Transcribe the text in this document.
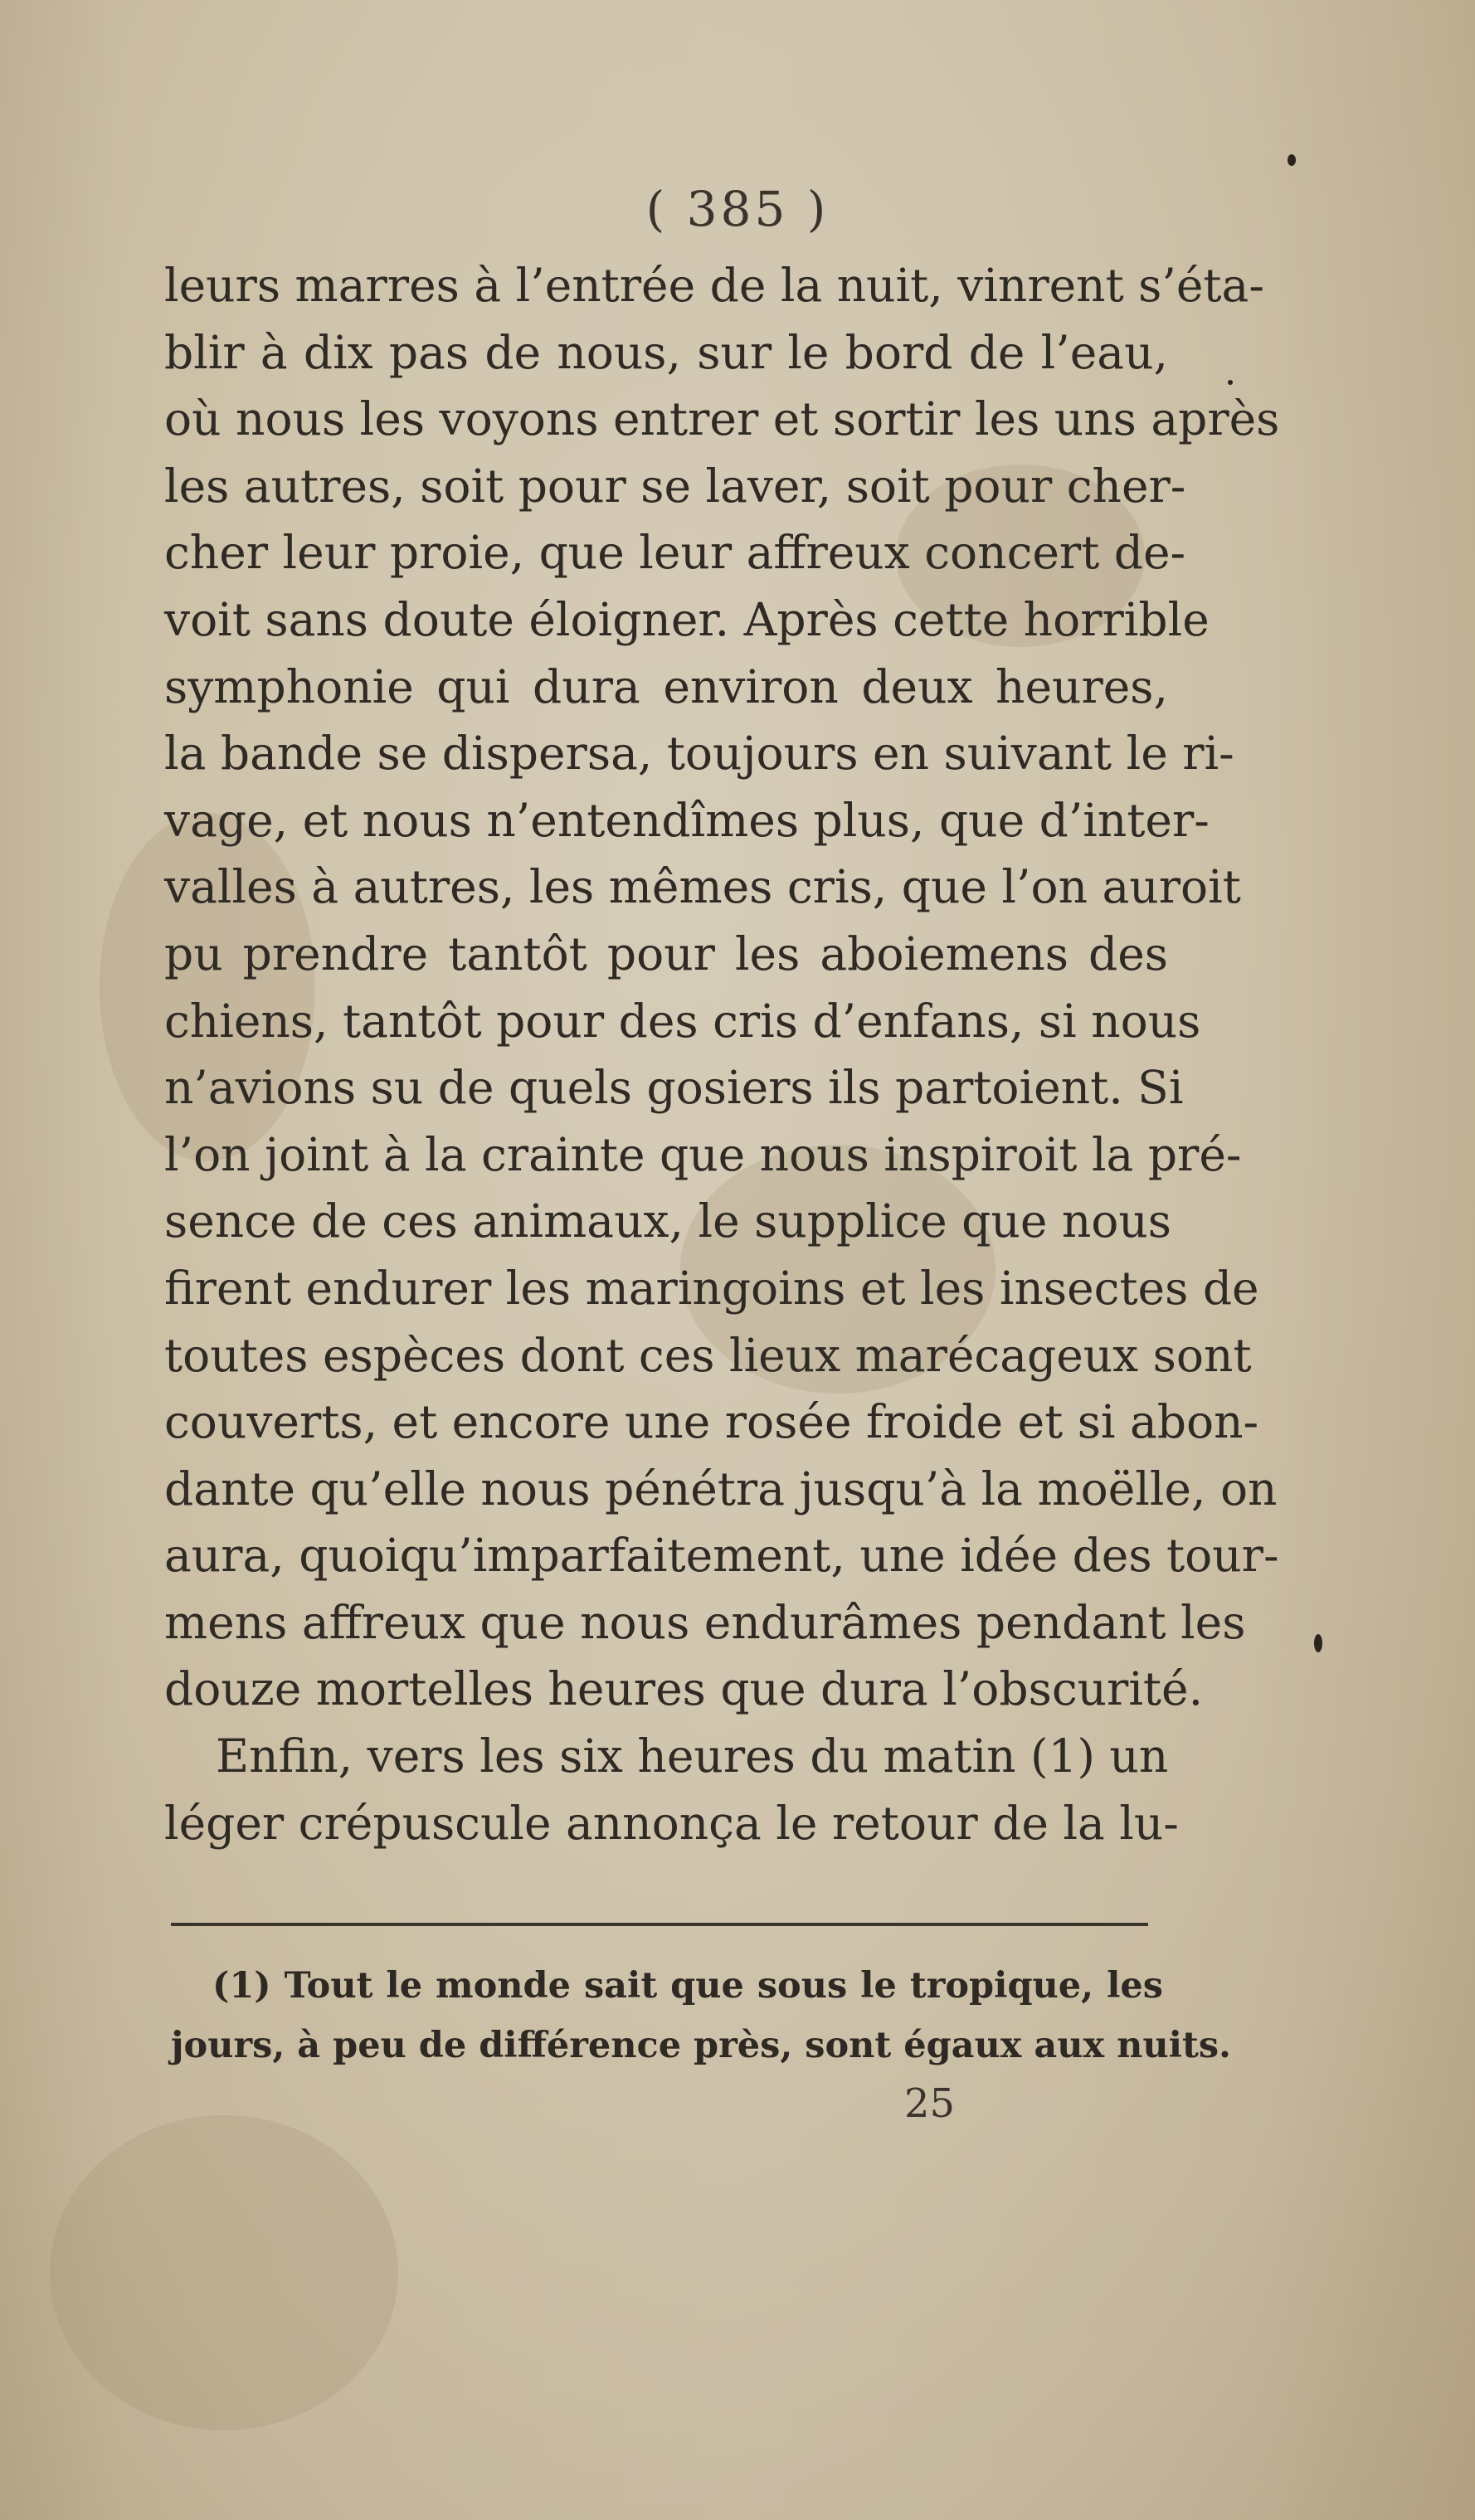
( 385 )
leurs marres à l’entrée de la nuit, vinrent s’éta-
blir à dix pas de nous, sur le bord de l’eau,
où nous les voyons entrer et sortir les uns après
les autres, soit pour se laver, soit pour cher-
cher leur proie, que leur affreux concert de-
voit sans doute éloigner. Après cette horrible
symphonie qui dura environ deux heures,
la bande se dispersa, toujours en suivant le ri-
vage, et nous n’entendîmes plus, que d’inter-
valles à autres, les mêmes cris, que l’on auroit
pu prendre tantôt pour les aboiemens des
chiens, tantôt pour des cris d’enfans, si nous
n’avions su de quels gosiers ils partoient. Si
l’on joint à la crainte que nous inspiroit la pré-
sence de ces animaux, le supplice que nous
firent endurer les maringoins et les insectes de
toutes espèces dont ces lieux marécageux sont
couverts, et encore une rosée froide et si abon-
dante qu’elle nous pénétra jusqu’à la moëlle, on
aura, quoiqu’imparfaitement, une idée des tour-
mens affreux que nous endurâmes pendant les
douze mortelles heures que dura l’obscurité.
Enfin, vers les six heures du matin (1) un
léger crépuscule annonça le retour de la lu-
(1) Tout le monde sait que sous le tropique, les
jours, à peu de différence près, sont égaux aux nuits.
25
